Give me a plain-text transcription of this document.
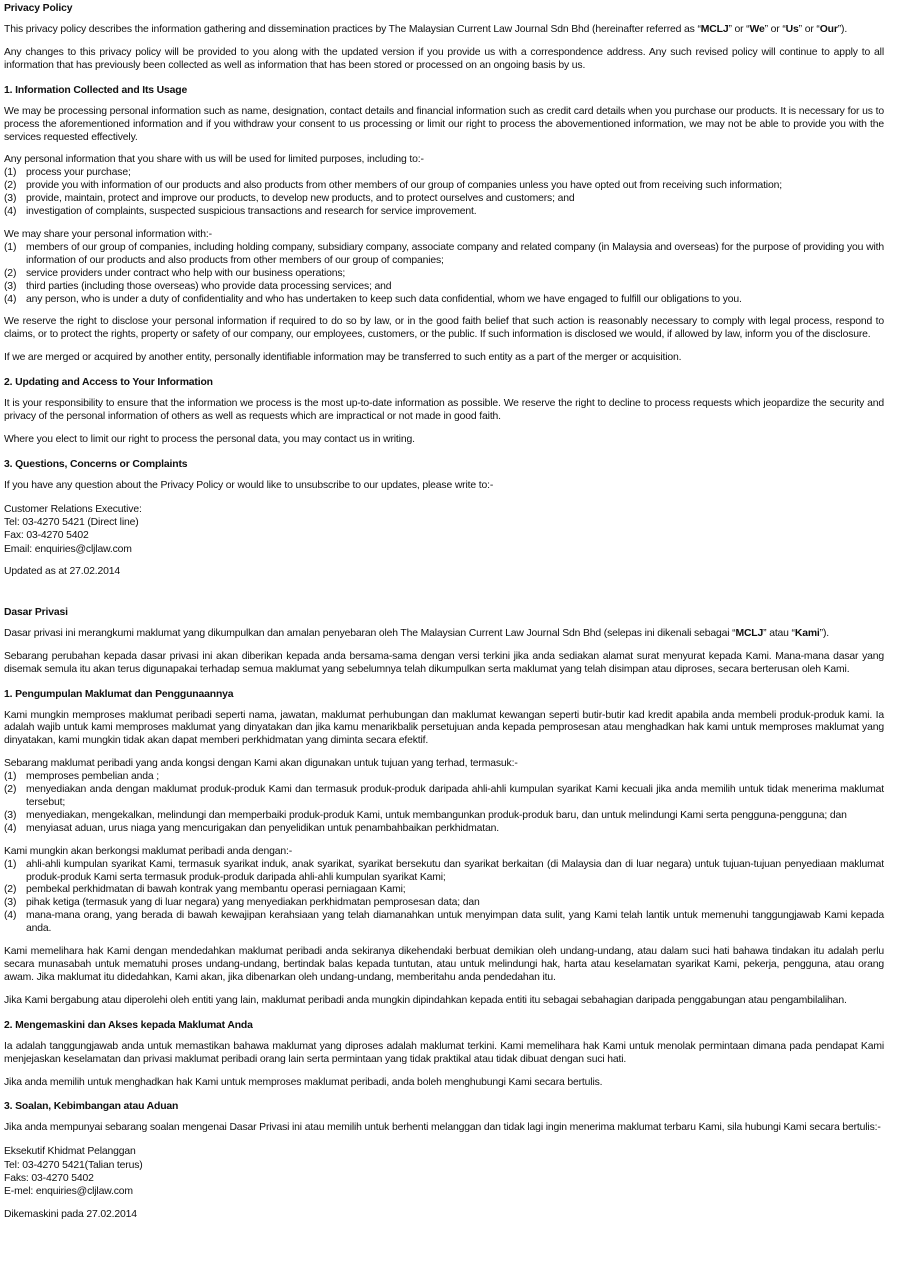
Privacy Policy

This privacy policy describes the information gathering and dissemination practices by The Malaysian Current Law Journal Sdn Bhd (hereinafter referred as “MCLJ” or “We” or “Us” or “Our”).

Any changes to this privacy policy will be provided to you along with the updated version if you provide us with a correspondence address. Any such revised policy will continue to apply to all information that has previously been collected as well as information that has been stored or processed on an ongoing basis by us.

1. Information Collected and Its Usage

We may be processing personal information such as name, designation, contact details and financial information such as credit card details when you purchase our products. It is necessary for us to process the aforementioned information and if you withdraw your consent to us processing or limit our right to process the abovementioned information, we may not be able to provide you with the services requested effectively.

Any personal information that you share with us will be used for limited purposes, including to:-

(1) process your purchase;
(2) provide you with information of our products and also products from other members of our group of companies unless you have opted out from receiving such information;
(3) provide, maintain, protect and improve our products, to develop new products, and to protect ourselves and customers; and
(4) investigation of complaints, suspected suspicious transactions and research for service improvement.

We may share your personal information with:-

(1) members of our group of companies, including holding company, subsidiary company, associate company and related company (in Malaysia and overseas) for the purpose of providing you with information of our products and also products from other members of our group of companies;
(2) service providers under contract who help with our business operations;
(3) third parties (including those overseas) who provide data processing services; and
(4) any person, who is under a duty of confidentiality and who has undertaken to keep such data confidential, whom we have engaged to fulfill our obligations to you.

We reserve the right to disclose your personal information if required to do so by law, or in the good faith belief that such action is reasonably necessary to comply with legal process, respond to claims, or to protect the rights, property or safety of our company, our employees, customers, or the public. If such information is disclosed we would, if allowed by law, inform you of the disclosure.

If we are merged or acquired by another entity, personally identifiable information may be transferred to such entity as a part of the merger or acquisition.

2. Updating and Access to Your Information

It is your responsibility to ensure that the information we process is the most up-to-date information as possible. We reserve the right to decline to process requests which jeopardize the security and privacy of the personal information of others as well as requests which are impractical or not made in good faith.

Where you elect to limit our right to process the personal data, you may contact us in writing.

3. Questions, Concerns or Complaints

If you have any question about the Privacy Policy or would like to unsubscribe to our updates, please write to:-

Customer Relations Executive:
Tel: 03-4270 5421 (Direct line)
Fax: 03-4270 5402
Email: enquiries@cljlaw.com

Updated as at 27.02.2014

Dasar Privasi

Dasar privasi ini merangkumi maklumat yang dikumpulkan dan amalan penyebaran oleh The Malaysian Current Law Journal Sdn Bhd (selepas ini dikenali sebagai “MCLJ” atau “Kami”).

Sebarang perubahan kepada dasar privasi ini akan diberikan kepada anda bersama-sama dengan versi terkini jika anda sediakan alamat surat menyurat kepada Kami. Mana-mana dasar yang disemak semula itu akan terus digunapakai terhadap semua maklumat yang sebelumnya telah dikumpulkan serta maklumat yang telah disimpan atau diproses, secara berterusan oleh Kami.

1. Pengumpulan Maklumat dan Penggunaannya

Kami mungkin memproses maklumat peribadi seperti nama, jawatan, maklumat perhubungan dan maklumat kewangan seperti butir-butir kad kredit apabila anda membeli produk-produk kami. Ia adalah wajib untuk kami memproses maklumat yang dinyatakan dan jika kamu menarikbalik persetujuan anda kepada pemprosesan atau menghadkan hak kami untuk memproses maklumat yang dinyatakan, kami mungkin tidak akan dapat memberi perkhidmatan yang diminta secara efektif.

Sebarang maklumat peribadi yang anda kongsi dengan Kami akan digunakan untuk tujuan yang terhad, termasuk:-

(1) memproses pembelian anda ;
(2) menyediakan anda dengan maklumat produk-produk Kami dan termasuk produk-produk daripada ahli-ahli kumpulan syarikat Kami kecuali jika anda memilih untuk tidak menerima maklumat tersebut;
(3) menyediakan, mengekalkan, melindungi dan memperbaiki produk-produk Kami, untuk membangunkan produk-produk baru, dan untuk melindungi Kami serta pengguna-pengguna; dan
(4) menyiasat aduan, urus niaga yang mencurigakan dan penyelidikan untuk penambahbaikan perkhidmatan.

Kami mungkin akan berkongsi maklumat peribadi anda dengan:-

(1) ahli-ahli kumpulan syarikat Kami, termasuk syarikat induk, anak syarikat, syarikat bersekutu dan syarikat berkaitan (di Malaysia dan di luar negara) untuk tujuan-tujuan penyediaan maklumat produk-produk Kami serta termasuk produk-produk daripada ahli-ahli kumpulan syarikat Kami;
(2) pembekal perkhidmatan di bawah kontrak yang membantu operasi perniagaan Kami;
(3) pihak ketiga (termasuk yang di luar negara) yang menyediakan perkhidmatan pemprosesan data; dan
(4) mana-mana orang, yang berada di bawah kewajipan kerahsiaan yang telah diamanahkan untuk menyimpan data sulit, yang Kami telah lantik untuk memenuhi tanggungjawab Kami kepada anda.

Kami memelihara hak Kami dengan mendedahkan maklumat peribadi anda sekiranya dikehendaki berbuat demikian oleh undang-undang, atau dalam suci hati bahawa tindakan itu adalah perlu secara munasabah untuk mematuhi proses undang-undang, bertindak balas kepada tuntutan, atau untuk melindungi hak, harta atau keselamatan syarikat Kami, pekerja, pengguna, atau orang awam. Jika maklumat itu didedahkan, Kami akan, jika dibenarkan oleh undang-undang, memberitahu anda pendedahan itu.

Jika Kami bergabung atau diperolehi oleh entiti yang lain, maklumat peribadi anda mungkin dipindahkan kepada entiti itu sebagai sebahagian daripada penggabungan atau pengambilalihan.

2. Mengemaskini dan Akses kepada Maklumat Anda

Ia adalah tanggungjawab anda untuk memastikan bahawa maklumat yang diproses adalah maklumat terkini. Kami memelihara hak Kami untuk menolak permintaan dimana pada pendapat Kami menjejaskan keselamatan dan privasi maklumat peribadi orang lain serta permintaan yang tidak praktikal atau tidak dibuat dengan suci hati.

Jika anda memilih untuk menghadkan hak Kami untuk memproses maklumat peribadi, anda boleh menghubungi Kami secara bertulis.

3. Soalan, Kebimbangan atau Aduan

Jika anda mempunyai sebarang soalan mengenai Dasar Privasi ini atau memilih untuk berhenti melanggan dan tidak lagi ingin menerima maklumat terbaru Kami, sila hubungi Kami secara bertulis:-

Eksekutif Khidmat Pelanggan
Tel: 03-4270 5421(Talian terus)
Faks: 03-4270 5402
E-mel: enquiries@cljlaw.com

Dikemaskini pada 27.02.2014
